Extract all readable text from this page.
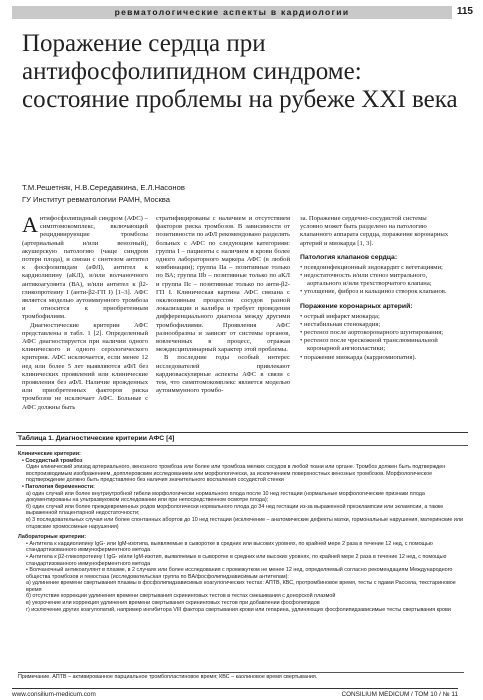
ревматологические аспекты в кардиологии	115
Поражение сердца при антифосфолипидном синдроме: состояние проблемы на рубеже XXI века
Т.М.Решетняк, Н.В.Середавкина, Е.Л.Насонов
ГУ Институт ревматологии РАМН, Москва

Антифосфолипидный синдром (АФС) – симптомокомплекс, включающий рецидивирующие тромбозы (артериальный и/или венозный), акушерскую патологию (чаще синдром потери плода), и связан с синтезом антител к фосфолипидам (аФЛ), антител к кардиолипину (аКЛ), и/или волчаночного антикоагулянта (ВА), и/или антител к β2-гликопротеину I (анти-β2-ГП I) [1–3]. АФС является моделью аутоиммунного тромбоза и относится к приобретенным тромбофилиям.

Диагностические критерии АФС представлены в табл. 1 [2]. Определенный АФС диагностируется при наличии одного клинического и одного серологического критерия. АФС исключается, если менее 12 нед или более 5 лет выявляются аФЛ без клинических проявлений или клинические проявления без аФЛ. Наличие врожденных или приобретенных факторов риска тромбозов не исключает АФС. Больные с АФС должны быть

стратифицированы с наличием и отсутствием факторов риска тромбозов. В зависимости от позитивности по аФЛ рекомендовано разделять больных с АФС по следующим категориям: группа I – пациенты с наличием в крови более одного лабораторного маркера АФС (в любой комбинации); группа IIa – позитивные только по ВА; группа IIb – позитивные только по аКЛ и группа IIc – позитивные только по анти-β2-ГП I. Клиническая картина АФС связана с окклюзивным процессом сосудов разной локализации и калибра и требует проведения дифференциального диагноза между другими тромбофилиями. Проявления АФС разнообразны и зависят от системы органов, вовлеченных в процесс, отражая междисциплинарный характер этой проблемы.

В последние годы особый интерес исследователей привлекают кардиоваскулярные аспекты АФС в связи с тем, что симптомокомплекс является моделью аутоиммунного тромбо-

за. Поражение сердечно-сосудистой системы условно может быть разделено на патологию клапанного аппарата сердца, поражение коронарных артерий и миокарда [1, 3].

Патология клапанов сердца:
• псевдоинфекционный эндокардит с вегетациями;
• недостаточность и/или стеноз митрального, аортального и/или трехстворчатого клапана;
• утолщение, фиброз и кальциноз створок клапанов.
Поражение коронарных артерий:
• острый инфаркт миокарда;
• нестабильная стенокардия;
• рестеноз после аортокоронарного шунтирования;
• рестеноз после чрескожной транслюминальной коронарной ангиопластики;
• поражение миокарда (кардиомиопатия).
Таблица 1. Диагностические критерии АФС [4]
Клинические критерии:
• Сосудистый тромбоз
Один клинический эпизод артериального, венозного тромбоза или более или тромбоза мелких сосудов в любой ткани или органе. Тромбоз должен быть подтвержден воспроизводимым изображением, допплеровским исследованием или морфологически, за исключением поверхностных венозных тромбозов. Морфологическое подтверждение должно быть представлено без наличия значительного воспаления сосудистой стенки
• Патология беременности:
а) один случай или более внутриутробной гибели морфологически нормального плода после 10 нед гестации (нормальные морфологические признаки плода документированы на ультразвуковом исследовании или при непосредственном осмотре плода);
б) один случай или более преждевременных родов морфологически нормального плода до 34 нед гестации из-за выраженной преэклампсии или эклампсии, а также выраженной плацентарной недостаточности;
в) 3 последовательных случая или более спонтанных абортов до 10 нед гестации (исключение – анатомические дефекты матки, гормональные нарушения, материнские или отцовские хромосомные нарушения)
Лабораторные критерии:
• Антитела к кардиолипину IgG- или IgM-изотипа, выявляемые в сыворотке в средних или высоких уровнях, по крайней мере 2 раза в течение 12 нед, с помощью стандартизованного иммуноферментного метода
• Антитела к β2-гликопротеину I IgG- и/или IgM-изотип, выявляемые в сыворотке в средних или высоких уровнях, по крайней мере 2 раза в течение 12 нед, с помощью стандартизованного иммуноферментного метода
• Волчаночный антикоагулянт в плазме, в 2 случаях или более исследования с промежутком не менее 12 нед, определяемый согласно рекомендациям Международного общества тромбозов и гемостаза (исследовательская группа по ВА/фосфолипидзависимым антителам):
а) удлинение времени свертывания плазмы в фосфолипидзависимых коагулогических тестах: АПТВ, КВС, протромбиновое время, тесты с ядами Рассела, текстариновое время
б) отсутствие коррекции удлинения времени свертывания скрининговых тестов в тестах смешивания с донорской плазмой
в) укорочение или коррекция удлинения времени свертывания скрининговых тестов при добавлении фосфолипидов
г) исключение других коагулопатий, например ингибитора VIII фактора свертывания крови или гепарина, удлиняющих фосфолипидзависимые тесты свертывания крови
Примечание. АПТВ – активированное парциальное тромбопластиновое время; КВС – каолиновое время свертывания.
www.consilium-medicum.com	CONSILIUM MEDICUM / ТОМ 10 / № 11
